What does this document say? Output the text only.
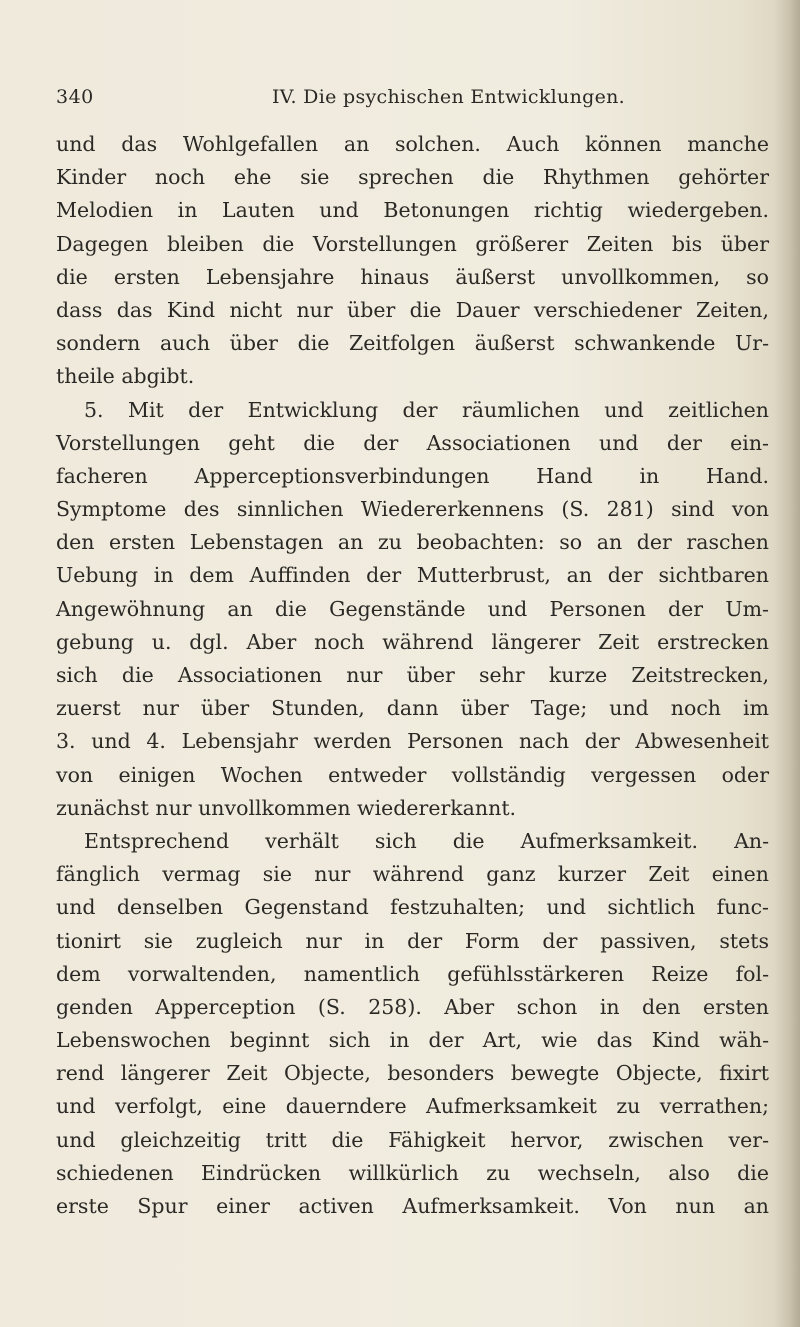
340	IV. Die psychischen Entwicklungen.
und das Wohlgefallen an solchen. Auch können manche
Kinder noch ehe sie sprechen die Rhythmen gehörter
Melodien in Lauten und Betonungen richtig wiedergeben.
Dagegen bleiben die Vorstellungen größerer Zeiten bis über
die ersten Lebensjahre hinaus äußerst unvollkommen, so
dass das Kind nicht nur über die Dauer verschiedener Zeiten,
sondern auch über die Zeitfolgen äußerst schwankende Ur-
theile abgibt.
5. Mit der Entwicklung der räumlichen und zeitlichen
Vorstellungen geht die der Associationen und der ein-
facheren Apperceptionsverbindungen Hand in Hand.
Symptome des sinnlichen Wiedererkennens (S. 281) sind von
den ersten Lebenstagen an zu beobachten: so an der raschen
Uebung in dem Auffinden der Mutterbrust, an der sichtbaren
Angewöhnung an die Gegenstände und Personen der Um-
gebung u. dgl. Aber noch während längerer Zeit erstrecken
sich die Associationen nur über sehr kurze Zeitstrecken,
zuerst nur über Stunden, dann über Tage; und noch im
3. und 4. Lebensjahr werden Personen nach der Abwesenheit
von einigen Wochen entweder vollständig vergessen oder
zunächst nur unvollkommen wiedererkannt.
Entsprechend verhält sich die Aufmerksamkeit. An-
fänglich vermag sie nur während ganz kurzer Zeit einen
und denselben Gegenstand festzuhalten; und sichtlich func-
tionirt sie zugleich nur in der Form der passiven, stets
dem vorwaltenden, namentlich gefühlsstärkeren Reize fol-
genden Apperception (S. 258). Aber schon in den ersten
Lebenswochen beginnt sich in der Art, wie das Kind wäh-
rend längerer Zeit Objecte, besonders bewegte Objecte, fixirt
und verfolgt, eine dauerndere Aufmerksamkeit zu verrathen;
und gleichzeitig tritt die Fähigkeit hervor, zwischen ver-
schiedenen Eindrücken willkürlich zu wechseln, also die
erste Spur einer activen Aufmerksamkeit. Von nun an
